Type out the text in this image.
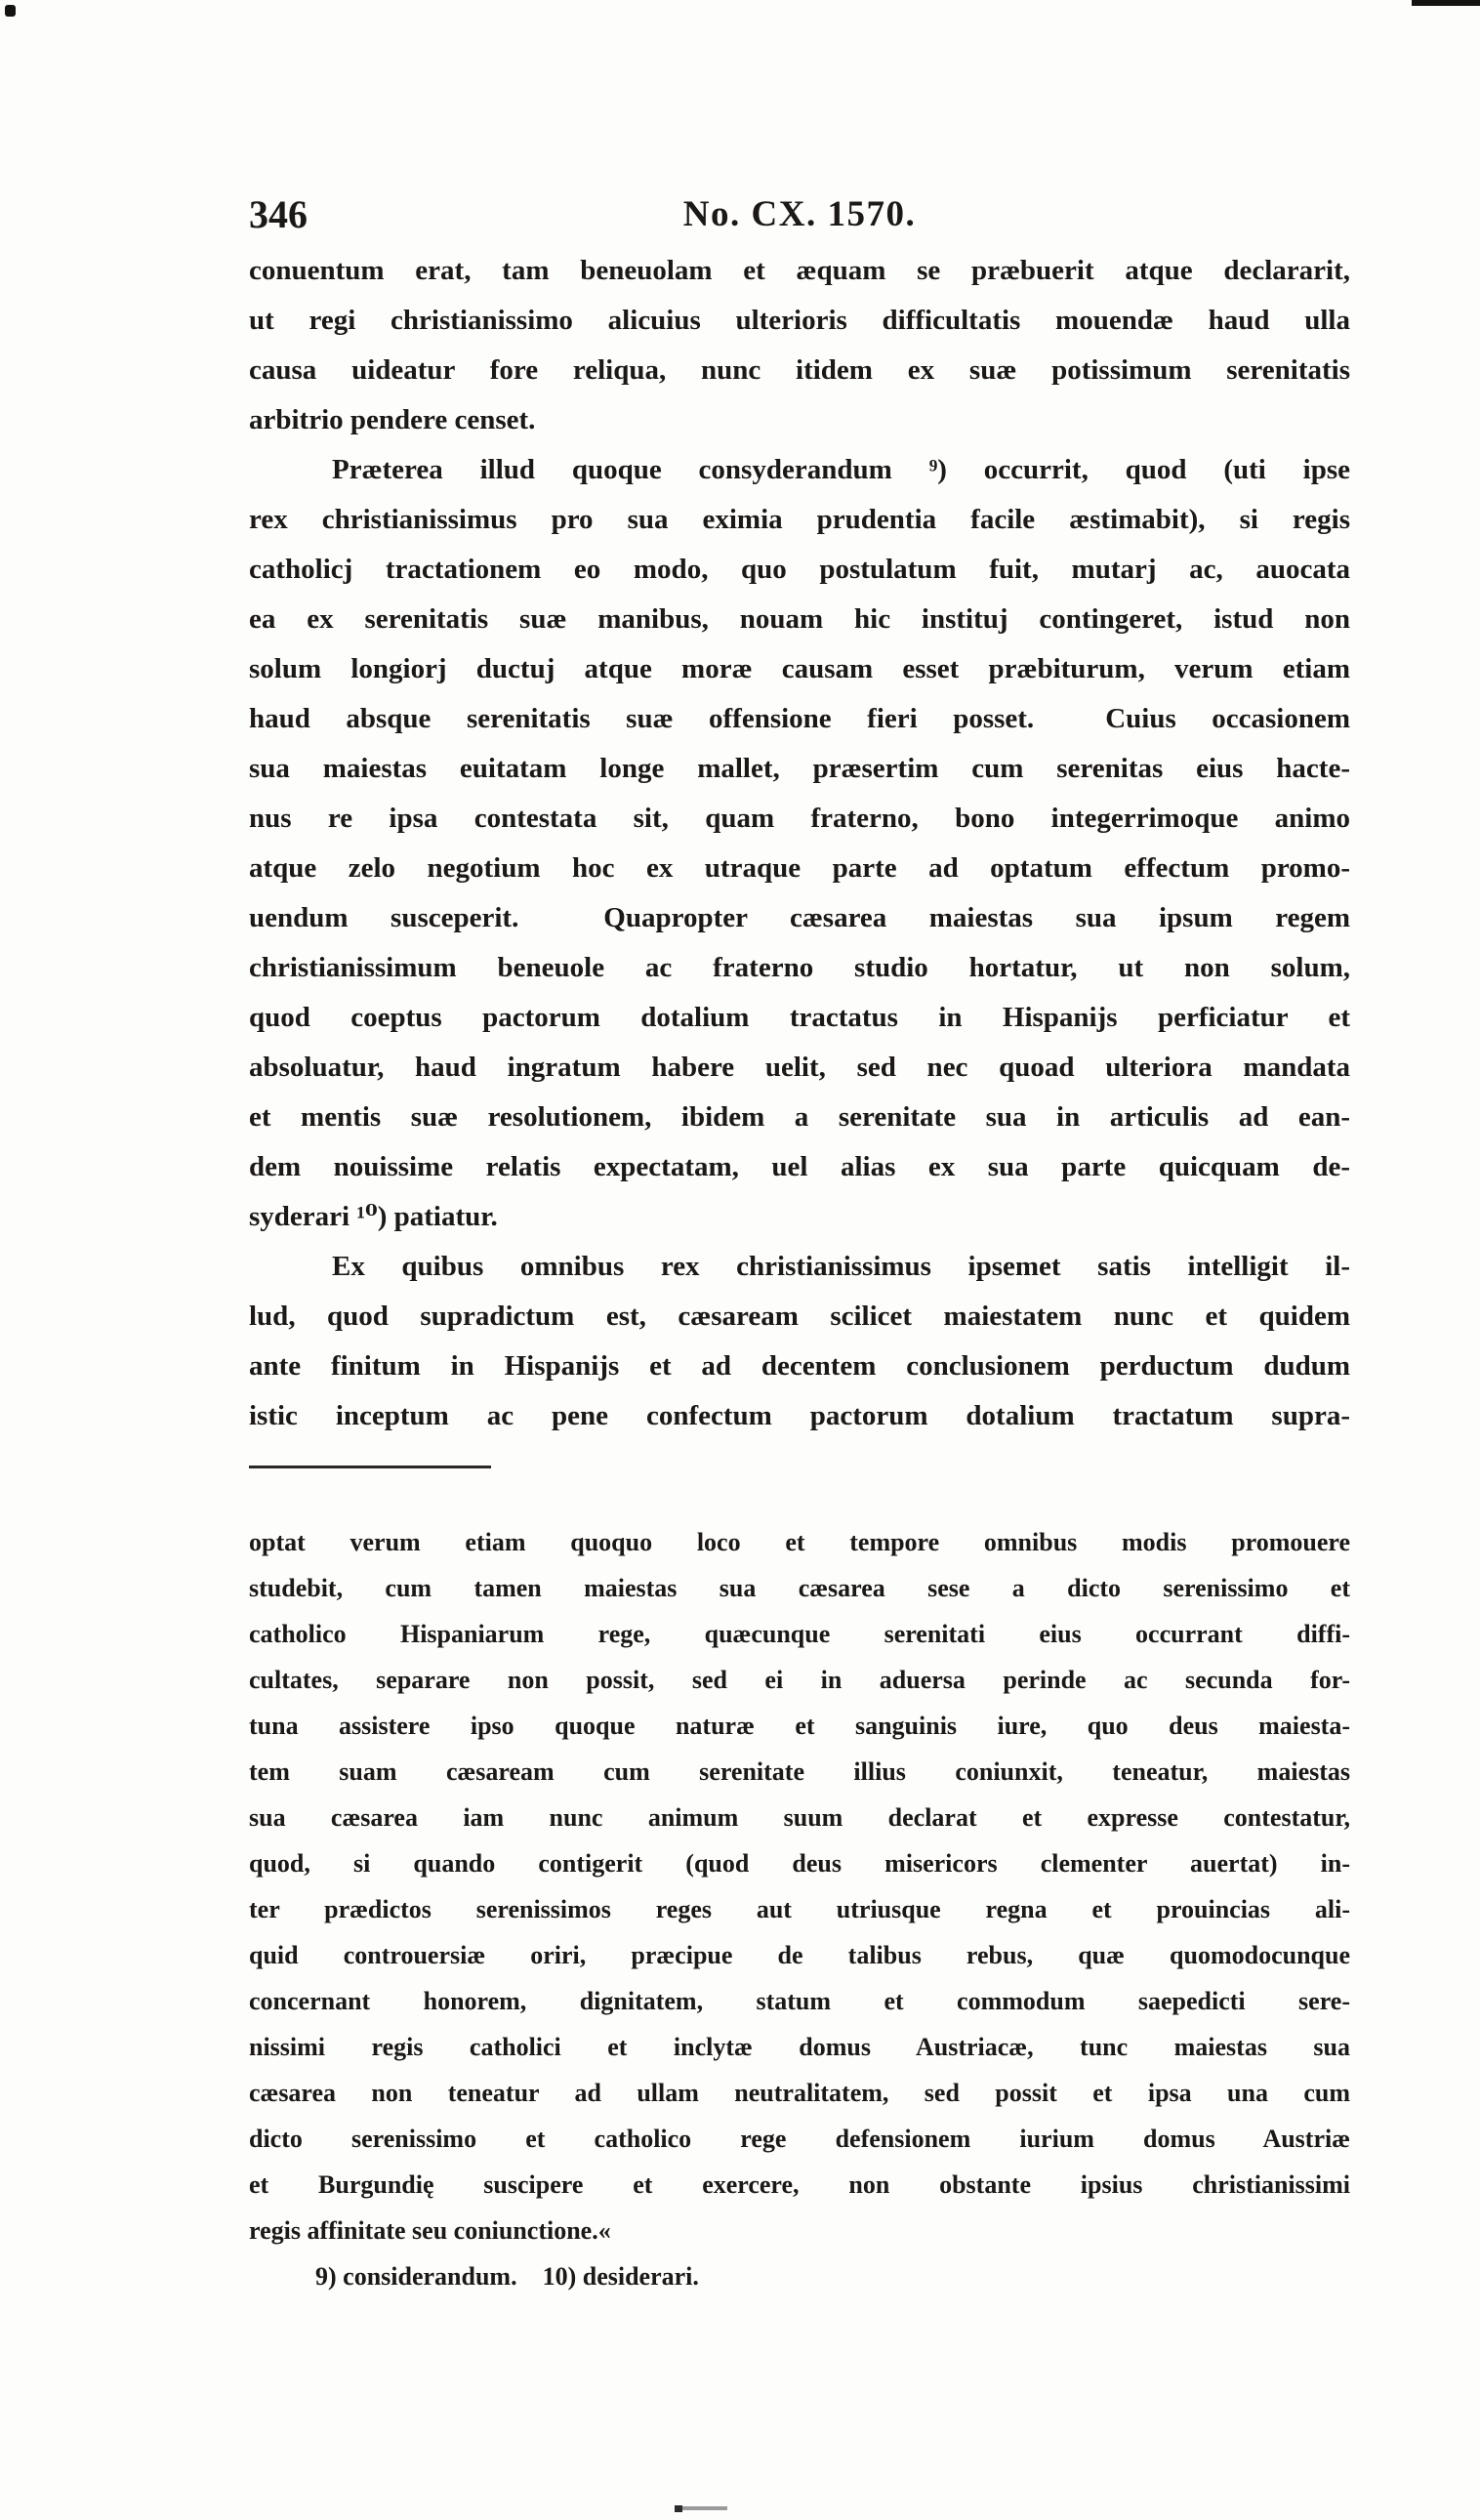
346	No. CX. 1570.
conuentum erat, tam beneuolam et æquam se præbuerit atque declararit,
ut regi christianissimo alicuius ulterioris difficultatis mouendæ haud ulla
causa uideatur fore reliqua, nunc itidem ex suæ potissimum serenitatis
arbitrio pendere censet.
Præterea illud quoque consyderandum ⁹) occurrit, quod (uti ipse
rex christianissimus pro sua eximia prudentia facile æstimabit), si regis
catholicj tractationem eo modo, quo postulatum fuit, mutarj ac, auocata
ea ex serenitatis suæ manibus, nouam hic instituj contingeret, istud non
solum longiorj ductuj atque moræ causam esset præbiturum, verum etiam
haud absque serenitatis suæ offensione fieri posset.  Cuius occasionem
sua maiestas euitatam longe mallet, præsertim cum serenitas eius hacte-
nus re ipsa contestata sit, quam fraterno, bono integerrimoque animo
atque zelo negotium hoc ex utraque parte ad optatum effectum promo-
uendum susceperit.  Quapropter cæsarea maiestas sua ipsum regem
christianissimum beneuole ac fraterno studio hortatur, ut non solum,
quod coeptus pactorum dotalium tractatus in Hispanijs perficiatur et
absoluatur, haud ingratum habere uelit, sed nec quoad ulteriora mandata
et mentis suæ resolutionem, ibidem a serenitate sua in articulis ad ean-
dem nouissime relatis expectatam, uel alias ex sua parte quicquam de-
syderari ¹⁰) patiatur.
Ex quibus omnibus rex christianissimus ipsemet satis intelligit il-
lud, quod supradictum est, cæsaream scilicet maiestatem nunc et quidem
ante finitum in Hispanijs et ad decentem conclusionem perductum dudum
istic inceptum ac pene confectum pactorum dotalium tractatum supra-
optat verum etiam quoquo loco et tempore omnibus modis promouere
studebit, cum tamen maiestas sua cæsarea sese a dicto serenissimo et
catholico Hispaniarum rege, quæcunque serenitati eius occurrant diffi-
cultates, separare non possit, sed ei in aduersa perinde ac secunda for-
tuna assistere ipso quoque naturæ et sanguinis iure, quo deus maiesta-
tem suam cæsaream cum serenitate illius coniunxit, teneatur, maiestas
sua cæsarea iam nunc animum suum declarat et expresse contestatur,
quod, si quando contigerit (quod deus misericors clementer auertat) in-
ter prædictos serenissimos reges aut utriusque regna et prouincias ali-
quid controuersiæ oriri, præcipue de talibus rebus, quæ quomodocunque
concernant honorem, dignitatem, statum et commodum saepedicti sere-
nissimi regis catholici et inclytæ domus Austriacæ, tunc maiestas sua
cæsarea non teneatur ad ullam neutralitatem, sed possit et ipsa una cum
dicto serenissimo et catholico rege defensionem iurium domus Austriæ
et Burgundię suscipere et exercere, non obstante ipsius christianissimi
regis affinitate seu coniunctione.«
9) considerandum.    10) desiderari.
